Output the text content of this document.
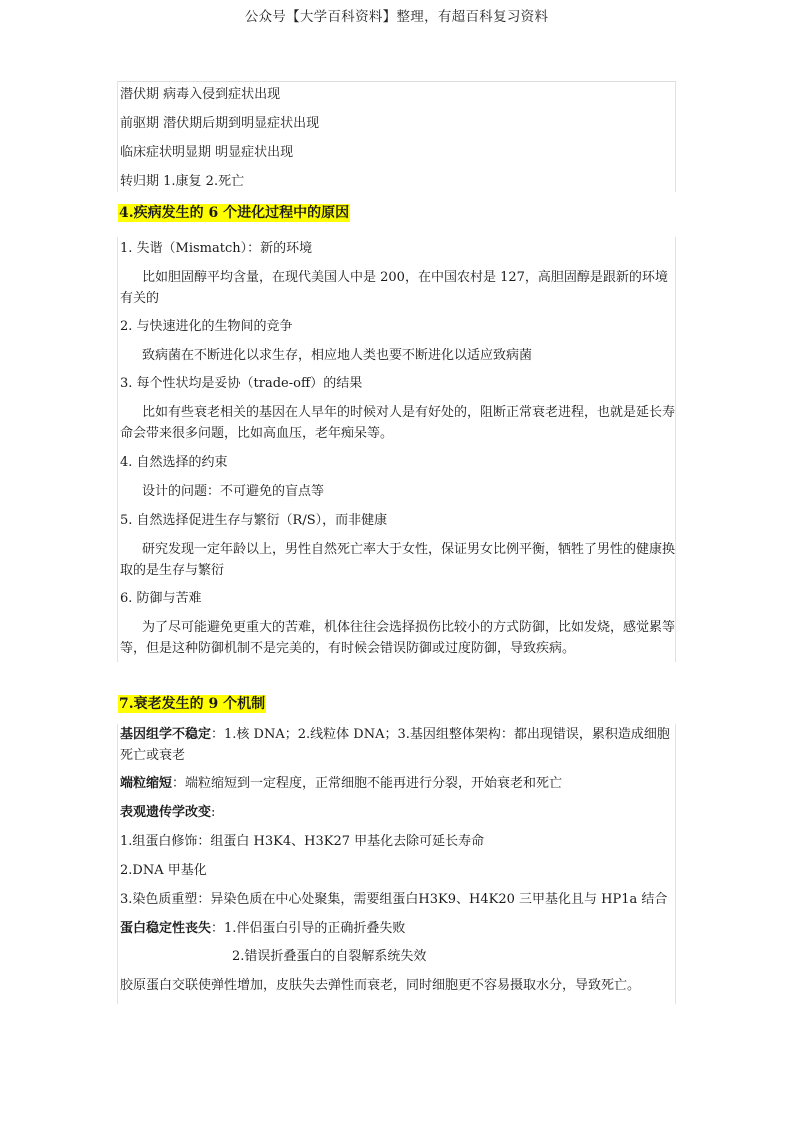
公众号【大学百科资料】整理，有超百科复习资料
潜伏期 病毒入侵到症状出现
前驱期 潜伏期后期到明显症状出现
临床症状明显期 明显症状出现
转归期 1.康复 2.死亡
4.疾病发生的 6 个进化过程中的原因
1. 失谐（Mismatch）：新的环境
比如胆固醇平均含量，在现代美国人中是 200，在中国农村是 127，高胆固醇是跟新的环境有关的
2. 与快速进化的生物间的竞争
致病菌在不断进化以求生存，相应地人类也要不断进化以适应致病菌
3. 每个性状均是妥协（trade-off）的结果
比如有些衰老相关的基因在人早年的时候对人是有好处的，阻断正常衰老进程，也就是延长寿命会带来很多问题，比如高血压，老年痴呆等。
4. 自然选择的约束
设计的问题：不可避免的盲点等
5. 自然选择促进生存与繁衍（R/S），而非健康
研究发现一定年龄以上，男性自然死亡率大于女性，保证男女比例平衡，牺牲了男性的健康换取的是生存与繁衍
6. 防御与苦难
为了尽可能避免更重大的苦难，机体往往会选择损伤比较小的方式防御，比如发烧，感觉累等等，但是这种防御机制不是完美的，有时候会错误防御或过度防御，导致疾病。
7.衰老发生的 9 个机制
基因组学不稳定：1.核 DNA；2.线粒体 DNA；3.基因组整体架构：都出现错误，累积造成细胞死亡或衰老
端粒缩短：端粒缩短到一定程度，正常细胞不能再进行分裂，开始衰老和死亡
表观遗传学改变:
1.组蛋白修饰：组蛋白 H3K4、H3K27 甲基化去除可延长寿命
2.DNA 甲基化
3.染色质重塑：异染色质在中心处聚集，需要组蛋白H3K9、H4K20 三甲基化且与 HP1a 结合
蛋白稳定性丧失：1.伴侣蛋白引导的正确折叠失败
2.错误折叠蛋白的自裂解系统失效
胶原蛋白交联使弹性增加，皮肤失去弹性而衰老，同时细胞更不容易摄取水分，导致死亡。
